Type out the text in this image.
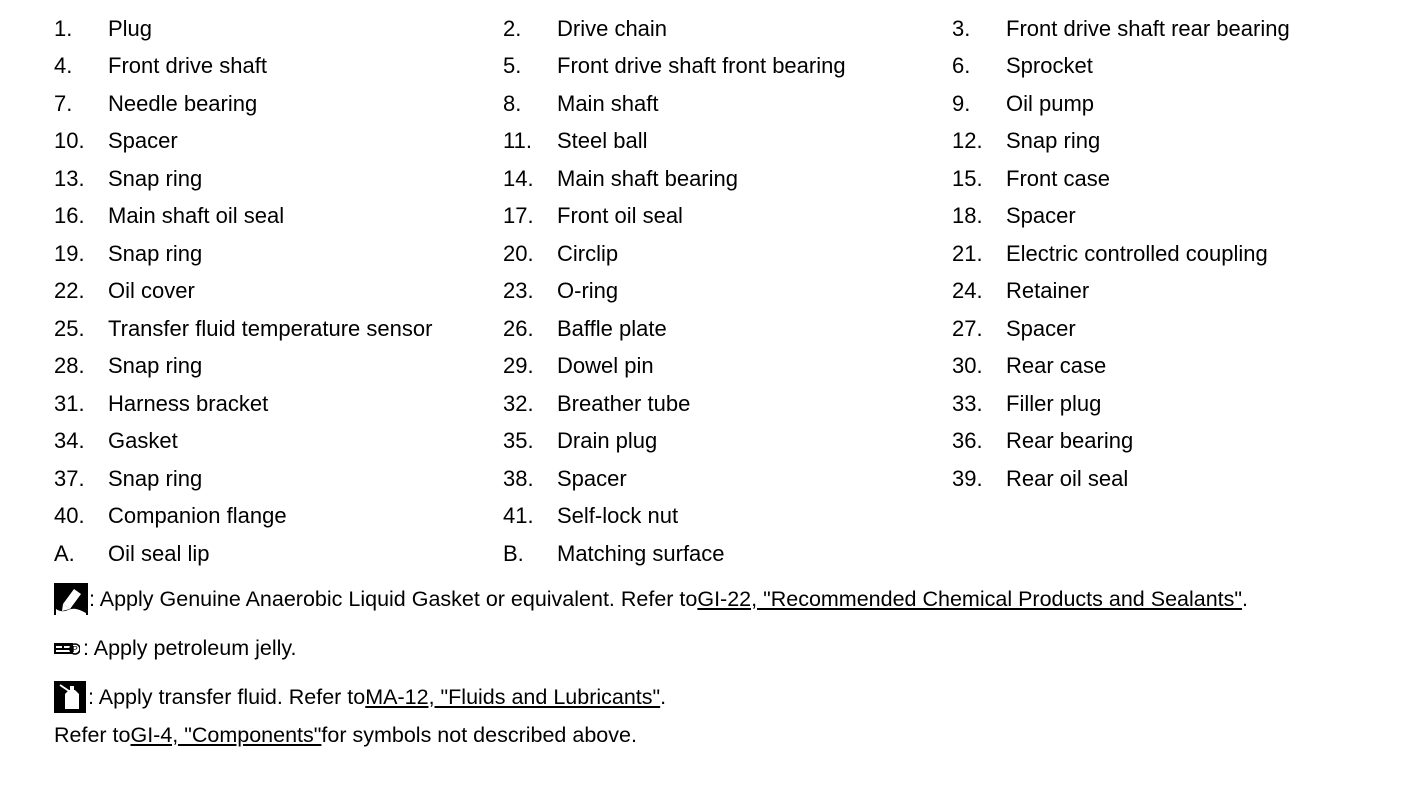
1.	Plug	2.	Drive chain	3.	Front drive shaft rear bearing
4.	Front drive shaft	5.	Front drive shaft front bearing	6.	Sprocket
7.	Needle bearing	8.	Main shaft	9.	Oil pump
10.	Spacer	11.	Steel ball	12.	Snap ring
13.	Snap ring	14.	Main shaft bearing	15.	Front case
16.	Main shaft oil seal	17.	Front oil seal	18.	Spacer
19.	Snap ring	20.	Circlip	21.	Electric controlled coupling
22.	Oil cover	23.	O-ring	24.	Retainer
25.	Transfer fluid temperature sensor	26.	Baffle plate	27.	Spacer
28.	Snap ring	29.	Dowel pin	30.	Rear case
31.	Harness bracket	32.	Breather tube	33.	Filler plug
34.	Gasket	35.	Drain plug	36.	Rear bearing
37.	Snap ring	38.	Spacer	39.	Rear oil seal
40.	Companion flange	41.	Self-lock nut
A.	Oil seal lip	B.	Matching surface
: Apply Genuine Anaerobic Liquid Gasket or equivalent. Refer to GI-22, "Recommended Chemical Products and Sealants" .
P : Apply petroleum jelly.
: Apply transfer fluid. Refer to MA-12, "Fluids and Lubricants" .
Refer to GI-4, "Components" for symbols not described above.
